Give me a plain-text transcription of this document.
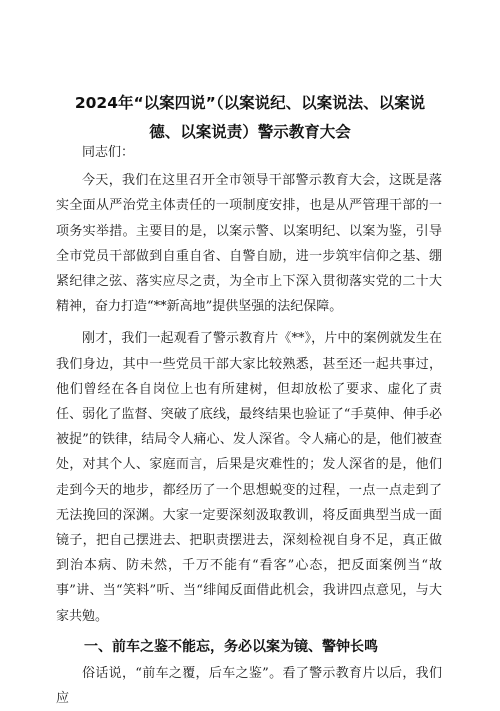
2024年“以案四说”（以案说纪、以案说法、以案说德、以案说责）警示教育大会

同志们：

今天，我们在这里召开全市领导干部警示教育大会，这既是落实全面从严治党主体责任的一项制度安排，也是从严管理干部的一项务实举措。主要目的是，以案示警、以案明纪、以案为鉴，引导全市党员干部做到自重自省、自警自励，进一步筑牢信仰之基、绷紧纪律之弦、落实应尽之责，为全市上下深入贯彻落实党的二十大精神，奋力打造“**新高地”提供坚强的法纪保障。

刚才，我们一起观看了警示教育片《**》，片中的案例就发生在我们身边，其中一些党员干部大家比较熟悉，甚至还一起共事过，他们曾经在各自岗位上也有所建树，但却放松了要求、虚化了责任、弱化了监督、突破了底线，最终结果也验证了“手莫伸、伸手必被捉”的铁律，结局令人痛心、发人深省。令人痛心的是，他们被查处，对其个人、家庭而言，后果是灾难性的；发人深省的是，他们走到今天的地步，都经历了一个思想蜕变的过程，一点一点走到了无法挽回的深渊。大家一定要深刻汲取教训，将反面典型当成一面镜子，把自己摆进去、把职责摆进去，深刻检视自身不足，真正做到治本病、防未然，千万不能有“看客”心态，把反面案例当“故事”讲、当“笑料”听、当“绯闻反面借此机会，我讲四点意见，与大家共勉。

一、前车之鉴不能忘，务必以案为镜、警钟长鸣

俗话说，“前车之覆，后车之鉴”。看了警示教育片以后，我们应
